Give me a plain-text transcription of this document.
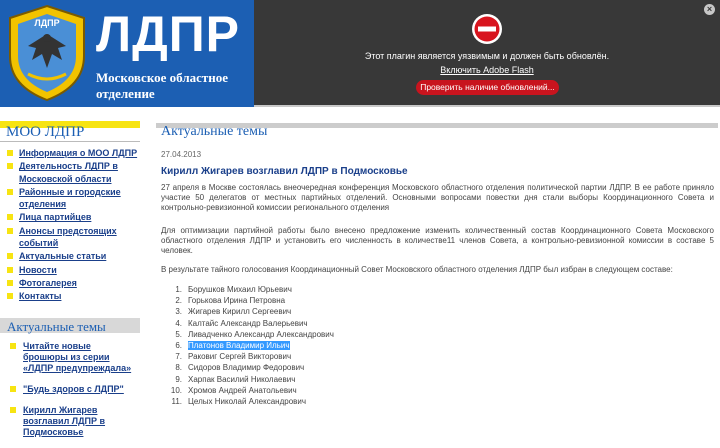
ЛДПР ЛДПР
Московское областное
отделение
Этот плагин является уязвимым и должен быть обновлён.
Включить Adobe Flash
Проверить наличие обновлений...
×
МОО ЛДПР
Информация о МОО ЛДПР
Деятельность ЛДПР в Московской области
Районные и городские отделения
Лица партийцев
Анонсы предстоящих событий
Актуальные статьи
Новости
Фотогалерея
Контакты
Актуальные темы
Читайте новые брошюры из серии «ЛДПР предупреждала»
"Будь здоров с ЛДПР"
Кирилл Жигарев возглавил ЛДПР в Подмосковье
Актуальные темы
27.04.2013
Кирилл Жигарев возглавил ЛДПР в Подмосковье
27 апреля в Москве состоялась внеочередная конференция Московского областного отделения политической партии ЛДПР. В ее работе приняло участие 50 делегатов от местных партийных отделений. Основными вопросами повестки дня стали выборы Координационного Совета и контрольно-ревизионной комиссии регионального отделения
Для оптимизации партийной работы было внесено предложение изменить количественный состав Координационного Совета Московского областного отделения ЛДПР и установить его численность в количестве11 членов Совета, а контрольно-ревизионной комиссии в составе 5 человек.
В результате тайного голосования Координационный Совет Московского областного отделения ЛДПР был избран в следующем составе:
1. Борушков Михаил Юрьевич
2. Горькова Ирина Петровна
3. Жигарев Кирилл Сергеевич
4. Калтайс Александр Валерьевич
5. Ливадченко Александр Александрович
6. Платонов Владимир Ильич
7. Раковиг Сергей Викторович
8. Сидоров Владимир Федорович
9. Харпак Василий Николаевич
10. Хромов Андрей Анатольевич
11. Целых Николай Александрович
